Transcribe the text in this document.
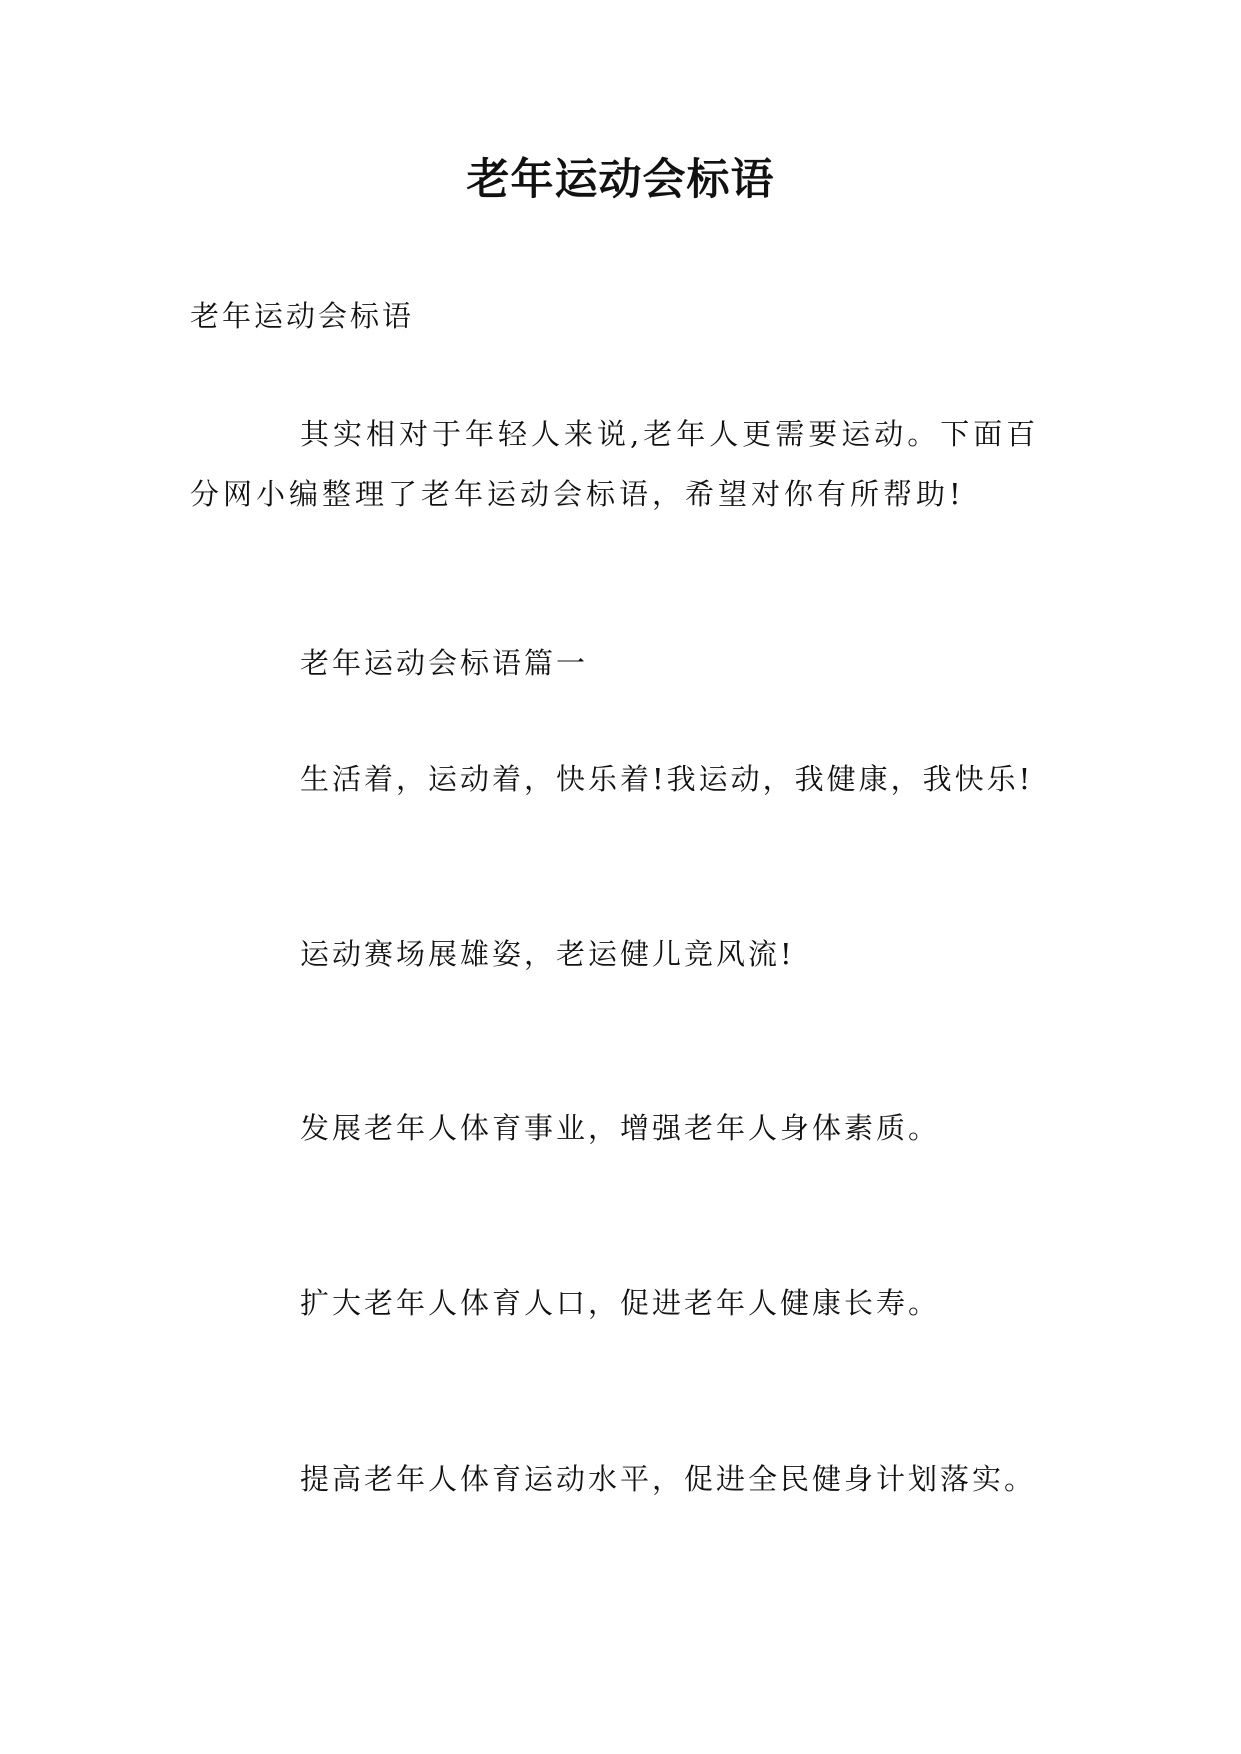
老年运动会标语

老年运动会标语

其实相对于年轻人来说,老年人更需要运动。下面百分网小编整理了老年运动会标语，希望对你有所帮助!

老年运动会标语篇一

生活着，运动着，快乐着!我运动，我健康，我快乐!

运动赛场展雄姿，老运健儿竞风流!

发展老年人体育事业，增强老年人身体素质。

扩大老年人体育人口，促进老年人健康长寿。

提高老年人体育运动水平，促进全民健身计划落实。
